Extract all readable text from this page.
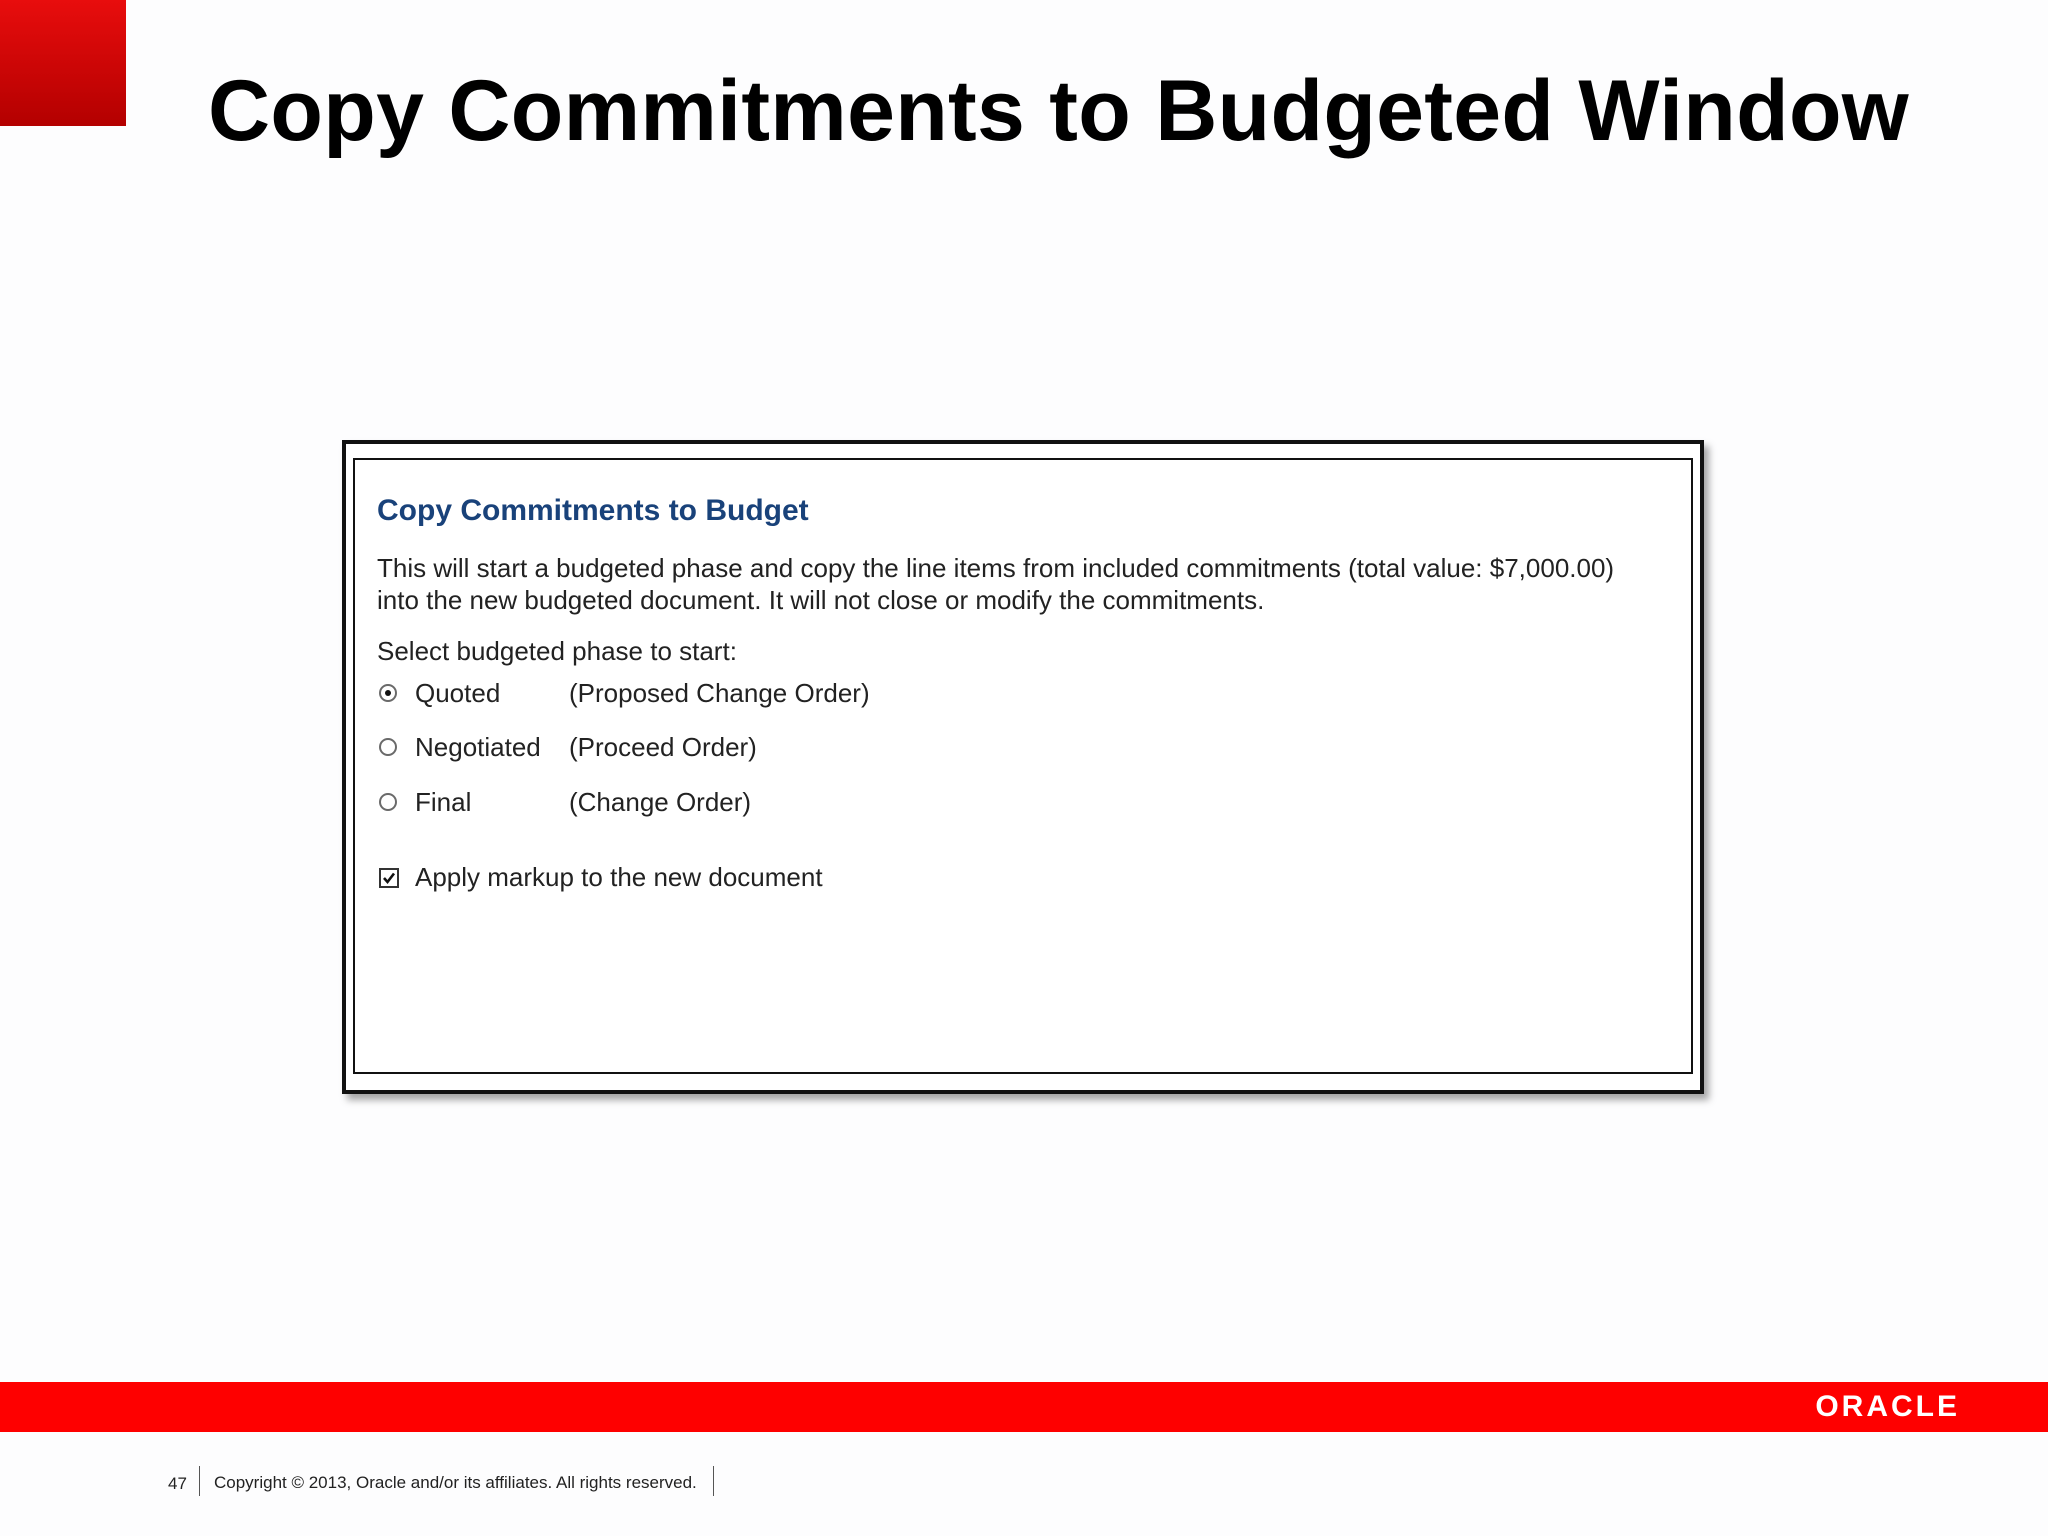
Copy Commitments to Budgeted Window
Copy Commitments to Budget
This will start a budgeted phase and copy the line items from included commitments (total value: $7,000.00)
into the new budgeted document. It will not close or modify the commitments.
Select budgeted phase to start:
Quoted	(Proposed Change Order)
Negotiated (Proceed Order)
Final	(Change Order)
Apply markup to the new document
ORACLE
47 Copyright © 2013, Oracle and/or its affiliates. All rights reserved.
